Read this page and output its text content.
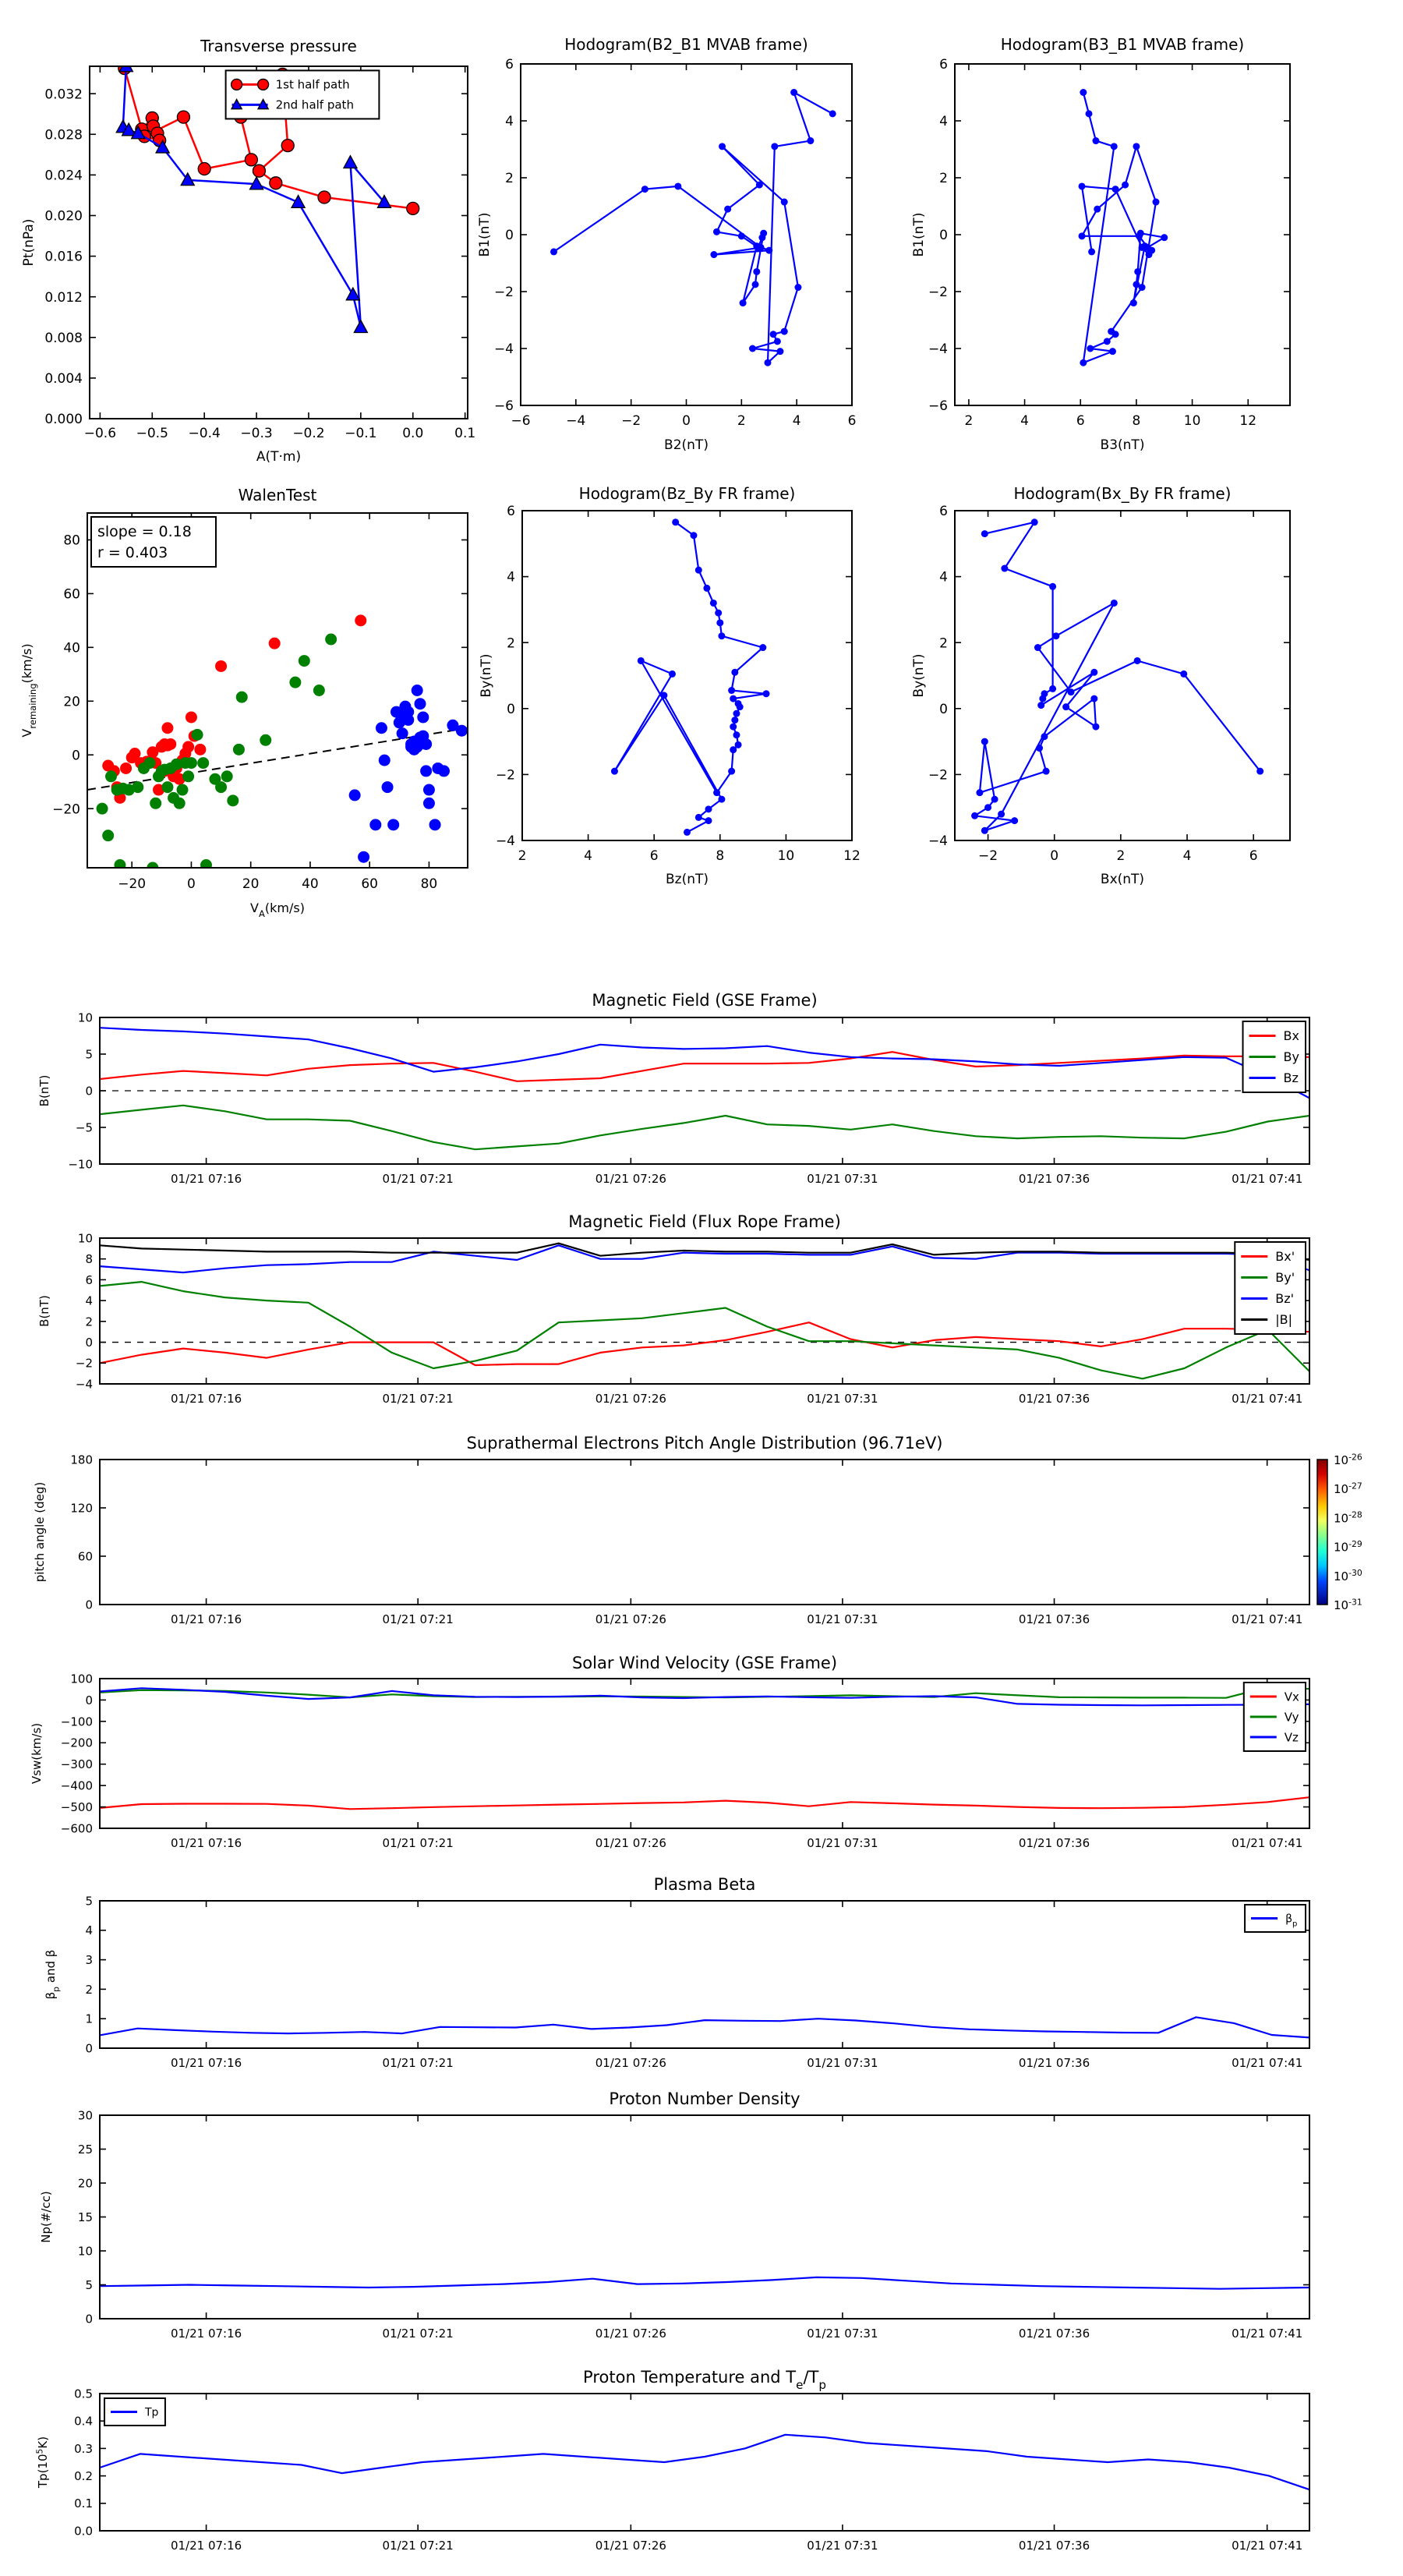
−0.6 −0.5 −0.4 −0.3 −0.2 −0.1 0.0 0.1
0.000
0.004
0.008
0.012
0.016
0.020
0.024
0.028
0.032
Transverse pressure
Pt(nPa)
A(T·m)
1st half path
2nd half path
−6	−4	−2	0	2	4	6
−6
−4
−2
0
2
4
6
Hodogram(B2_B1 MVAB frame)
B1(nT)
B2(nT)
2	4	6	8	10	12
−6
−4
−2
0
2
4
6
Hodogram(B3_B1 MVAB frame)
B1(nT)
B3(nT)
−20	0	20	40	60	80
−20
0
20
40
60
80
WalenTest
$V_{remaining}(km/s)$
$V_A(km/s)$
slope = 0.18
r = 0.403
2	4	6	8	10	12
−4
−2
0
2
4
6
Hodogram(Bz_By FR frame)
By(nT)
Bz(nT)
−2	0	2	4	6
−4
−2
0
2
4
6
Hodogram(Bx_By FR frame)
By(nT)
Bx(nT)
01/21 07:16	01/21 07:21	01/21 07:26	01/21 07:31	01/21 07:36	01/21 07:41
−10
−5
0
5
10
Magnetic Field (GSE Frame)
B(nT)
Bx
By
Bz
01/21 07:16	01/21 07:21	01/21 07:26	01/21 07:31	01/21 07:36	01/21 07:41
−4
−2
0
2
4
6
8
10
Magnetic Field (Flux Rope Frame)
B(nT)
Bx'
By'
Bz'
|B|
01/21 07:16	01/21 07:21	01/21 07:26	01/21 07:31	01/21 07:36	01/21 07:41
0
60
120
180
Suprathermal Electrons Pitch Angle Distribution (96.71eV)
pitch angle (deg)
$10^{-26}$
$10^{-27}$
$10^{-28}$
$10^{-29}$
$10^{-30}$
$10^{-31}$
01/21 07:16	01/21 07:21	01/21 07:26	01/21 07:31	01/21 07:36	01/21 07:41
−600
−500
−400
−300
−200
−100
0
100
Solar Wind Velocity (GSE Frame)
Vsw(km/s)
Vx
Vy
Vz
01/21 07:16	01/21 07:21	01/21 07:26	01/21 07:31	01/21 07:36	01/21 07:41
0
1
2
3
4
5
Plasma Beta
$\beta_p$ and β
$\beta_p$
01/21 07:16	01/21 07:21	01/21 07:26	01/21 07:31	01/21 07:36	01/21 07:41
0
5
10
15
20
25
30
Proton Number Density
Np(#/cc)
01/21 07:16	01/21 07:21	01/21 07:26	01/21 07:31	01/21 07:36	01/21 07:41
0.0
0.1
0.2
0.3
0.4
0.5
Proton Temperature and $T_e/T_p$
$Tp(10^5K)$
Tp
